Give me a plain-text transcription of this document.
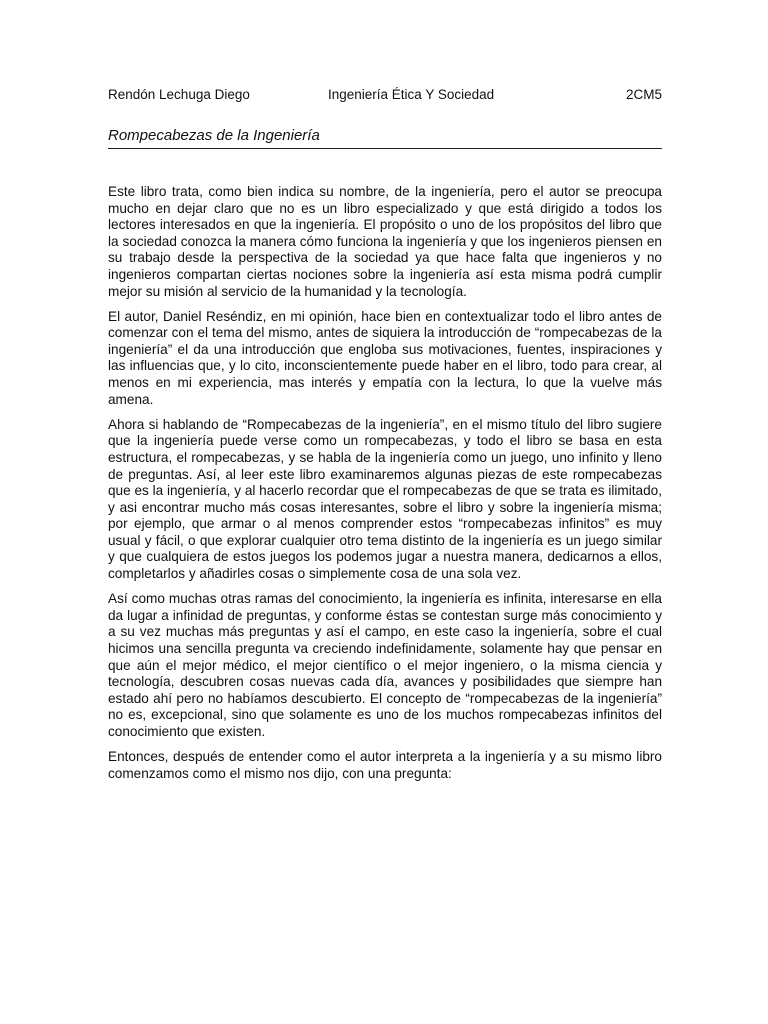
Rendón Lechuga Diego	Ingeniería Ética Y Sociedad	2CM5
Rompecabezas de la Ingeniería

Este libro trata, como bien indica su nombre, de la ingeniería, pero el autor se preocupa mucho en dejar claro que no es un libro especializado y que está dirigido a todos los lectores interesados en que la ingeniería. El propósito o uno de los propósitos del libro que la sociedad conozca la manera cómo funciona la ingeniería y que los ingenieros piensen en su trabajo desde la perspectiva de la sociedad ya que hace falta que ingenieros y no ingenieros compartan ciertas nociones sobre la ingeniería así esta misma podrá cumplir mejor su misión al servicio de la humanidad y la tecnología.

El autor, Daniel Reséndiz, en mi opinión, hace bien en contextualizar todo el libro antes de comenzar con el tema del mismo, antes de siquiera la introducción de “rompecabezas de la ingeniería” el da una introducción que engloba sus motivaciones, fuentes, inspiraciones y las influencias que, y lo cito, inconscientemente puede haber en el libro, todo para crear, al menos en mi experiencia, mas interés y empatía con la lectura, lo que la vuelve más amena.

Ahora si hablando de “Rompecabezas de la ingeniería”, en el mismo título del libro sugiere que la ingeniería puede verse como un rompecabezas, y todo el libro se basa en esta estructura, el rompecabezas, y se habla de la ingeniería como un juego, uno infinito y lleno de preguntas. Así, al leer este libro examinaremos algunas piezas de este rompecabezas que es la ingeniería, y al hacerlo recordar que el rompecabezas de que se trata es ilimitado, y asi encontrar mucho más cosas interesantes, sobre el libro y sobre la ingeniería misma; por ejemplo, que armar o al menos comprender estos “rompecabezas infinitos” es muy usual y fácil, o que explorar cualquier otro tema distinto de la ingeniería es un juego similar y que cualquiera de estos juegos los podemos jugar a nuestra manera, dedicarnos a ellos, completarlos y añadirles cosas o simplemente cosa de una sola vez.

Así como muchas otras ramas del conocimiento, la ingeniería es infinita, interesarse en ella da lugar a infinidad de preguntas, y conforme éstas se contestan surge más conocimiento y a su vez muchas más preguntas y así el campo, en este caso la ingeniería, sobre el cual hicimos una sencilla pregunta va creciendo indefinidamente, solamente hay que pensar en que aún el mejor médico, el mejor científico o el mejor ingeniero, o la misma ciencia y tecnología, descubren cosas nuevas cada día, avances y posibilidades que siempre han estado ahí pero no habíamos descubierto. El concepto de “rompecabezas de la ingeniería” no es, excepcional, sino que solamente es uno de los muchos rompecabezas infinitos del conocimiento que existen.

Entonces, después de entender como el autor interpreta a la ingeniería y a su mismo libro comenzamos como el mismo nos dijo, con una pregunta:
